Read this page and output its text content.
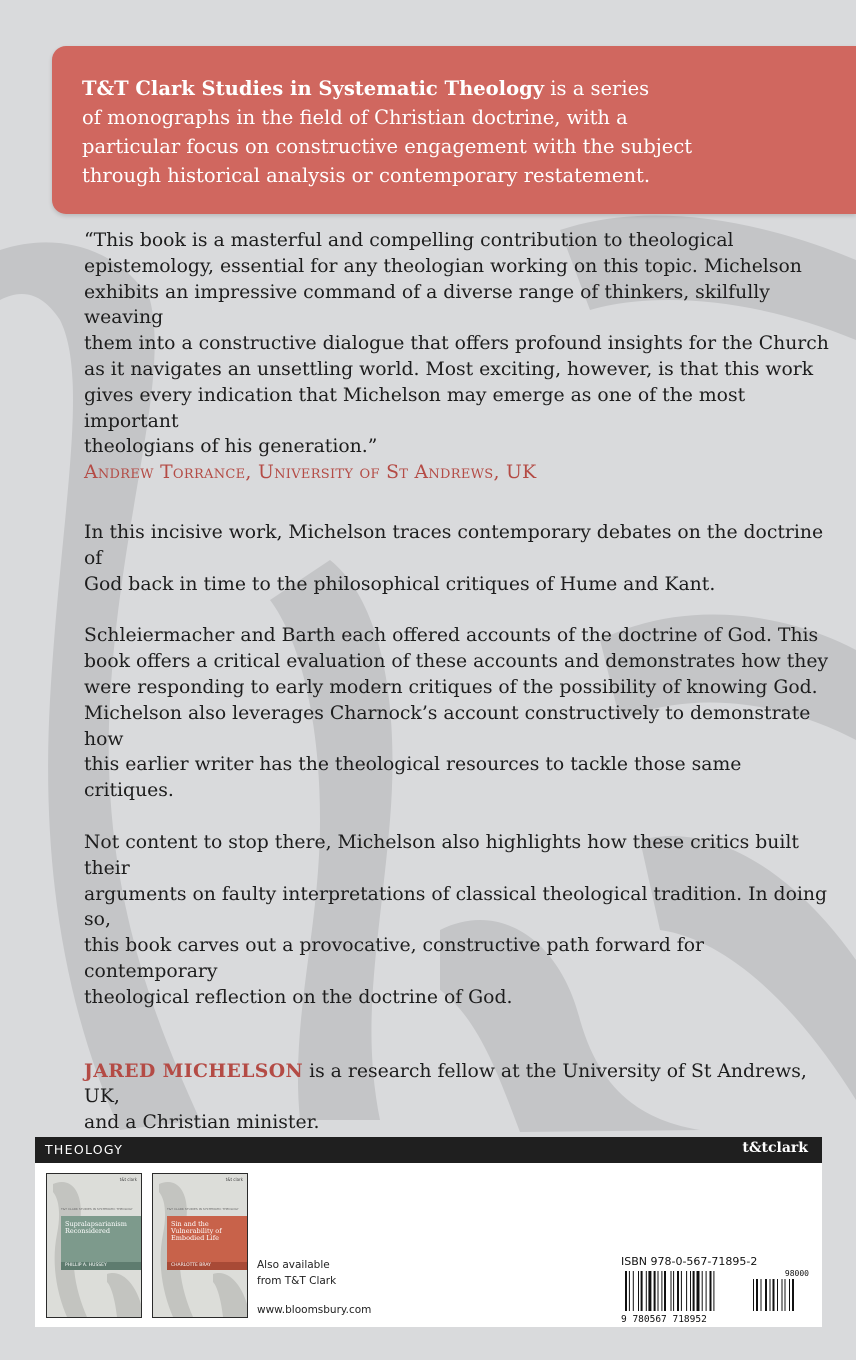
T&T Clark Studies in Systematic Theology is a series
of monographs in the field of Christian doctrine, with a
particular focus on constructive engagement with the subject
through historical analysis or contemporary restatement.

“This book is a masterful and compelling contribution to theological
epistemology, essential for any theologian working on this topic. Michelson
exhibits an impressive command of a diverse range of thinkers, skilfully weaving
them into a constructive dialogue that offers profound insights for the Church
as it navigates an unsettling world. Most exciting, however, is that this work
gives every indication that Michelson may emerge as one of the most important
theologians of his generation.”

Andrew Torrance, University of St Andrews, UK

In this incisive work, Michelson traces contemporary debates on the doctrine of
God back in time to the philosophical critiques of Hume and Kant.

Schleiermacher and Barth each offered accounts of the doctrine of God. This
book offers a critical evaluation of these accounts and demonstrates how they
were responding to early modern critiques of the possibility of knowing God.
Michelson also leverages Charnock’s account constructively to demonstrate how
this earlier writer has the theological resources to tackle those same critiques.

Not content to stop there, Michelson also highlights how these critics built their
arguments on faulty interpretations of classical theological tradition. In doing so,
this book carves out a provocative, constructive path forward for contemporary
theological reflection on the doctrine of God.

JARED MICHELSON is a research fellow at the University of St Andrews, UK,
and a Christian minister.

THEOLOGY	t&tclark
t&t clark
T&T CLARK STUDIES IN SYSTEMATIC THEOLOGY
Supralapsarianism Reconsidered
PHILLIP A. HUSSEY
t&t clark
T&T CLARK STUDIES IN SYSTEMATIC THEOLOGY
Sin and the Vulnerability of Embodied Life
CHARLOTTE BRAY	Also available
from T&T Clark
www.bloomsbury.com
ISBN 978-0-567-71895-2
98000
9 780567 718952
